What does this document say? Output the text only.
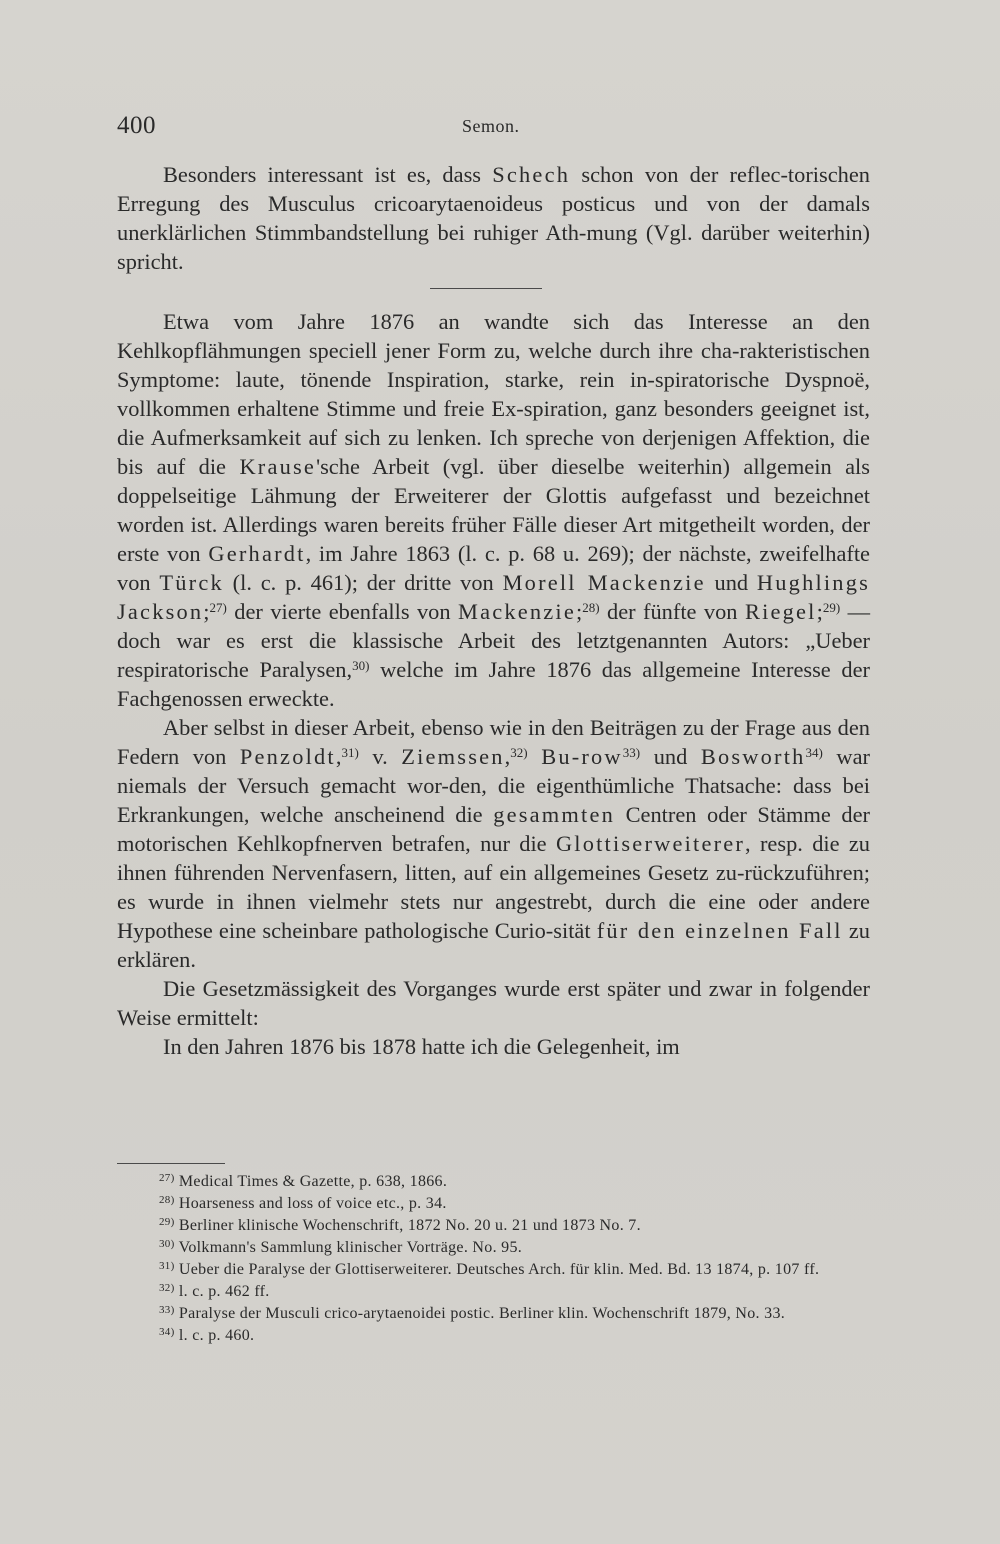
400	Semon.

Besonders interessant ist es, dass Schech schon von der reflec-torischen Erregung des Musculus cricoarytaenoideus posticus und von der damals unerklärlichen Stimmbandstellung bei ruhiger Ath-mung (Vgl. darüber weiterhin) spricht.

Etwa vom Jahre 1876 an wandte sich das Interesse an den Kehlkopflähmungen speciell jener Form zu, welche durch ihre cha-rakteristischen Symptome: laute, tönende Inspiration, starke, rein in-spiratorische Dyspnoë, vollkommen erhaltene Stimme und freie Ex-spiration, ganz besonders geeignet ist, die Aufmerksamkeit auf sich zu lenken. Ich spreche von derjenigen Affektion, die bis auf die Krause'sche Arbeit (vgl. über dieselbe weiterhin) allgemein als doppelseitige Lähmung der Erweiterer der Glottis aufgefasst und bezeichnet worden ist. Allerdings waren bereits früher Fälle dieser Art mitgetheilt worden, der erste von Gerhardt, im Jahre 1863 (l. c. p. 68 u. 269); der nächste, zweifelhafte von Türck (l. c. p. 461); der dritte von Morell Mackenzie und Hughlings Jackson;$^{27)}$ der vierte ebenfalls von Mackenzie;$^{28)}$ der fünfte von Riegel;$^{29)}$ — doch war es erst die klassische Arbeit des letztgenannten Autors: „Ueber respiratorische Paralysen,$^{30)}$ welche im Jahre 1876 das allgemeine Interesse der Fachgenossen erweckte.

Aber selbst in dieser Arbeit, ebenso wie in den Beiträgen zu der Frage aus den Federn von Penzoldt,$^{31)}$ v. Ziemssen,$^{32)}$ Bu-row$^{33)}$ und Bosworth$^{34)}$ war niemals der Versuch gemacht wor-den, die eigenthümliche Thatsache: dass bei Erkrankungen, welche anscheinend die gesammten Centren oder Stämme der motorischen Kehlkopfnerven betrafen, nur die Glottiserweiterer, resp. die zu ihnen führenden Nervenfasern, litten, auf ein allgemeines Gesetz zu-rückzuführen; es wurde in ihnen vielmehr stets nur angestrebt, durch die eine oder andere Hypothese eine scheinbare pathologische Curio-sität für den einzelnen Fall zu erklären.

Die Gesetzmässigkeit des Vorganges wurde erst später und zwar in folgender Weise ermittelt:

In den Jahren 1876 bis 1878 hatte ich die Gelegenheit, im

$^{27)}$ Medical Times & Gazette, p. 638, 1866.

$^{28)}$ Hoarseness and loss of voice etc., p. 34.

$^{29)}$ Berliner klinische Wochenschrift, 1872 No. 20 u. 21 und 1873 No. 7.

$^{30)}$ Volkmann's Sammlung klinischer Vorträge. No. 95.

$^{31)}$ Ueber die Paralyse der Glottiserweiterer. Deutsches Arch. für klin. Med. Bd. 13 1874, p. 107 ff.

$^{32)}$ l. c. p. 462 ff.

$^{33)}$ Paralyse der Musculi crico-arytaenoidei postic. Berliner klin. Wochenschrift 1879, No. 33.

$^{34)}$ l. c. p. 460.
